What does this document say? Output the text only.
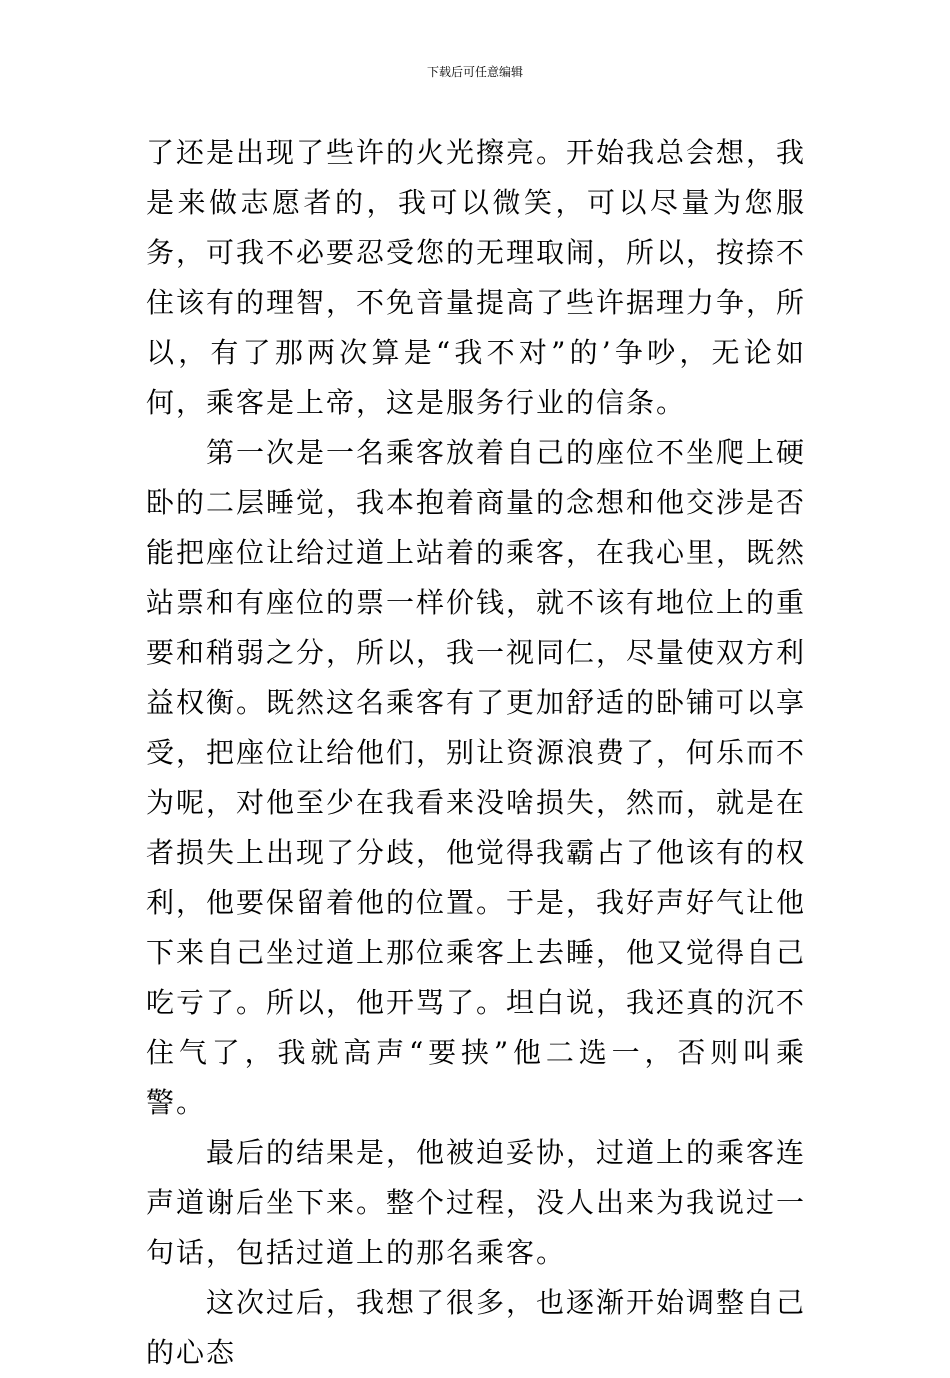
下载后可任意编辑

了还是出现了些许的火光擦亮。开始我总会想，我是来做志愿者的，我可以微笑，可以尽量为您服务，可我不必要忍受您的无理取闹，所以，按捺不住该有的理智，不免音量提高了些许据理力争，所以，有了那两次算是“我不对”的’争吵，无论如何，乘客是上帝，这是服务行业的信条。

第一次是一名乘客放着自己的座位不坐爬上硬卧的二层睡觉，我本抱着商量的念想和他交涉是否能把座位让给过道上站着的乘客，在我心里，既然站票和有座位的票一样价钱，就不该有地位上的重要和稍弱之分，所以，我一视同仁，尽量使双方利益权衡。既然这名乘客有了更加舒适的卧铺可以享受，把座位让给他们，别让资源浪费了，何乐而不为呢，对他至少在我看来没啥损失，然而，就是在者损失上出现了分歧，他觉得我霸占了他该有的权利，他要保留着他的位置。于是，我好声好气让他下来自己坐过道上那位乘客上去睡，他又觉得自己吃亏了。所以，他开骂了。坦白说，我还真的沉不住气了，我就高声“要挟”他二选一，否则叫乘警。

最后的结果是，他被迫妥协，过道上的乘客连声道谢后坐下来。整个过程，没人出来为我说过一句话，包括过道上的那名乘客。

这次过后，我想了很多，也逐渐开始调整自己的心态
